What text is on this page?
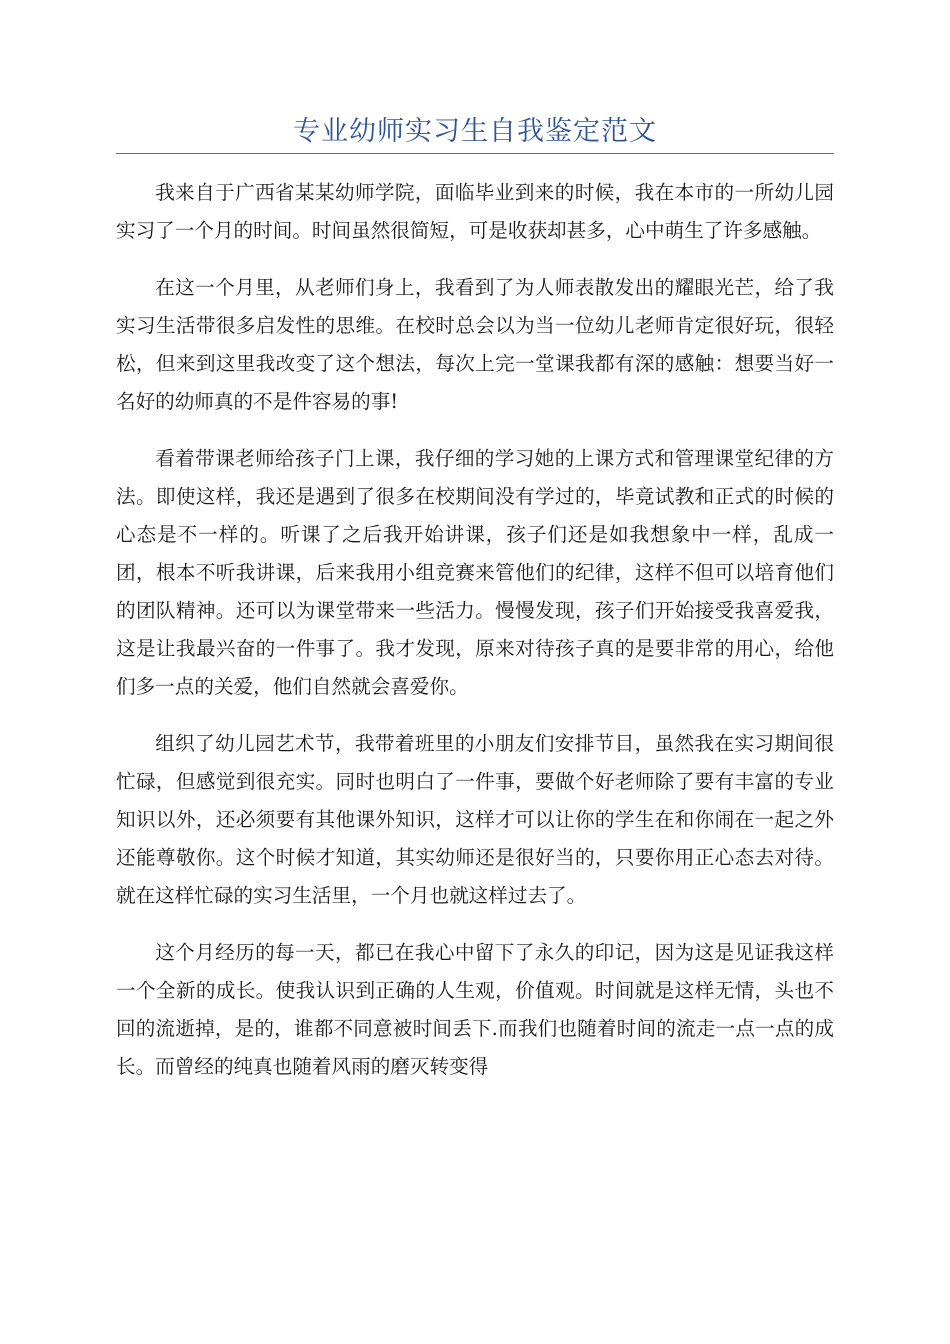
专业幼师实习生自我鉴定范文

我来自于广西省某某幼师学院，面临毕业到来的时候，我在本市的一所幼儿园实习了一个月的时间。时间虽然很简短，可是收获却甚多，心中萌生了许多感触。

在这一个月里，从老师们身上，我看到了为人师表散发出的耀眼光芒，给了我实习生活带很多启发性的思维。在校时总会以为当一位幼儿老师肯定很好玩，很轻松，但来到这里我改变了这个想法，每次上完一堂课我都有深的感触：想要当好一名好的幼师真的不是件容易的事!

看着带课老师给孩子门上课，我仔细的学习她的上课方式和管理课堂纪律的方法。即使这样，我还是遇到了很多在校期间没有学过的，毕竟试教和正式的时候的心态是不一样的。听课了之后我开始讲课，孩子们还是如我想象中一样，乱成一团，根本不听我讲课，后来我用小组竞赛来管他们的纪律，这样不但可以培育他们的团队精神。还可以为课堂带来一些活力。慢慢发现，孩子们开始接受我喜爱我，这是让我最兴奋的一件事了。我才发现，原来对待孩子真的是要非常的用心，给他们多一点的关爱，他们自然就会喜爱你。

组织了幼儿园艺术节，我带着班里的小朋友们安排节目，虽然我在实习期间很忙碌，但感觉到很充实。同时也明白了一件事，要做个好老师除了要有丰富的专业知识以外，还必须要有其他课外知识，这样才可以让你的学生在和你闹在一起之外还能尊敬你。这个时候才知道，其实幼师还是很好当的，只要你用正心态去对待。就在这样忙碌的实习生活里，一个月也就这样过去了。

这个月经历的每一天，都已在我心中留下了永久的印记，因为这是见证我这样一个全新的成长。使我认识到正确的人生观，价值观。时间就是这样无情，头也不回的流逝掉，是的，谁都不同意被时间丢下.而我们也随着时间的流走一点一点的成长。而曾经的纯真也随着风雨的磨灭转变得
